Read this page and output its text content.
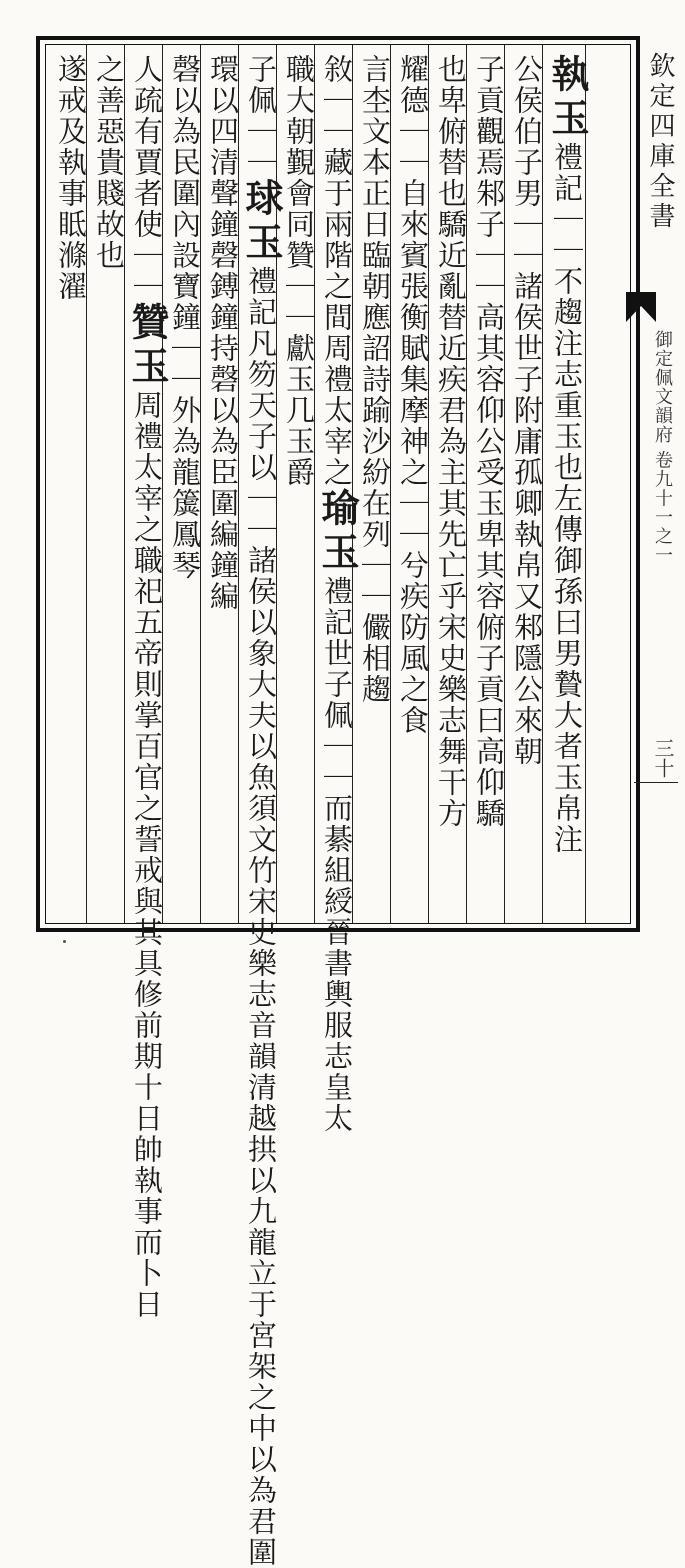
欽定四庫全書
御定佩文韻府 卷九十一之一
三十
執玉禮記｜｜不趨注志重玉也左傳御孫曰男贄大者玉帛注
公侯伯子男｜｜諸侯世子附庸孤卿執帛又邾隱公來朝
子貢觀焉邾子｜｜高其容仰公受玉卑其容俯子貢曰高仰驕
也卑俯替也驕近亂替近疾君為主其先亡乎宋史樂志舞干方
耀德｜｜自來賓張衡賦集摩神之｜｜兮疾防風之食
言杢文本正日臨朝應詔詩踰沙紛在列｜｜儼相趨
敘｜｜藏于兩階之間周禮太宰之瑜玉禮記世子佩｜｜而綦組綬晉書輿服志皇太
職大朝覲會同贊｜｜獻玉几玉爵
子佩｜｜球玉禮記凡笏天子以｜｜諸侯以象大夫以魚須文竹宋史樂志音韻清越拱以九龍立于宮架之中以為君圍
環以四清聲鐘磬鎛鐘持磬以為臣圍編鐘編
磬以為民圍內設寶鐘｜｜外為龍簴鳳琴
人疏有賈者使｜｜贊玉周禮太宰之職祀五帝則掌百官之誓戒與其具修前期十日帥執事而卜日
之善惡貴賤故也
遂戒及執事眡滌濯
